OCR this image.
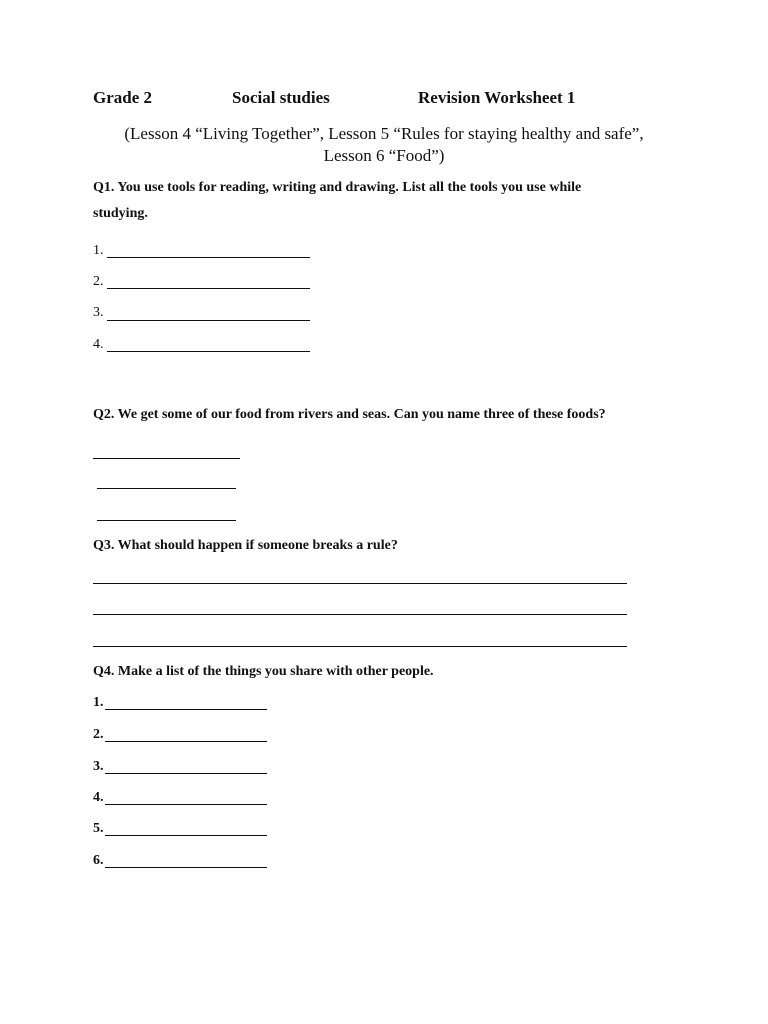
Grade 2	Social studies	Revision Worksheet 1
(Lesson 4 “Living Together”, Lesson 5 “Rules for staying healthy and safe”,
Lesson 6 “Food”)
Q1. You use tools for reading, writing and drawing. List all the tools you use while
studying.
1.
2.
3.
4.
Q2. We get some of our food from rivers and seas. Can you name three of these foods?
Q3. What should happen if someone breaks a rule?
Q4. Make a list of the things you share with other people.
1.
2.
3.
4.
5.
6.
